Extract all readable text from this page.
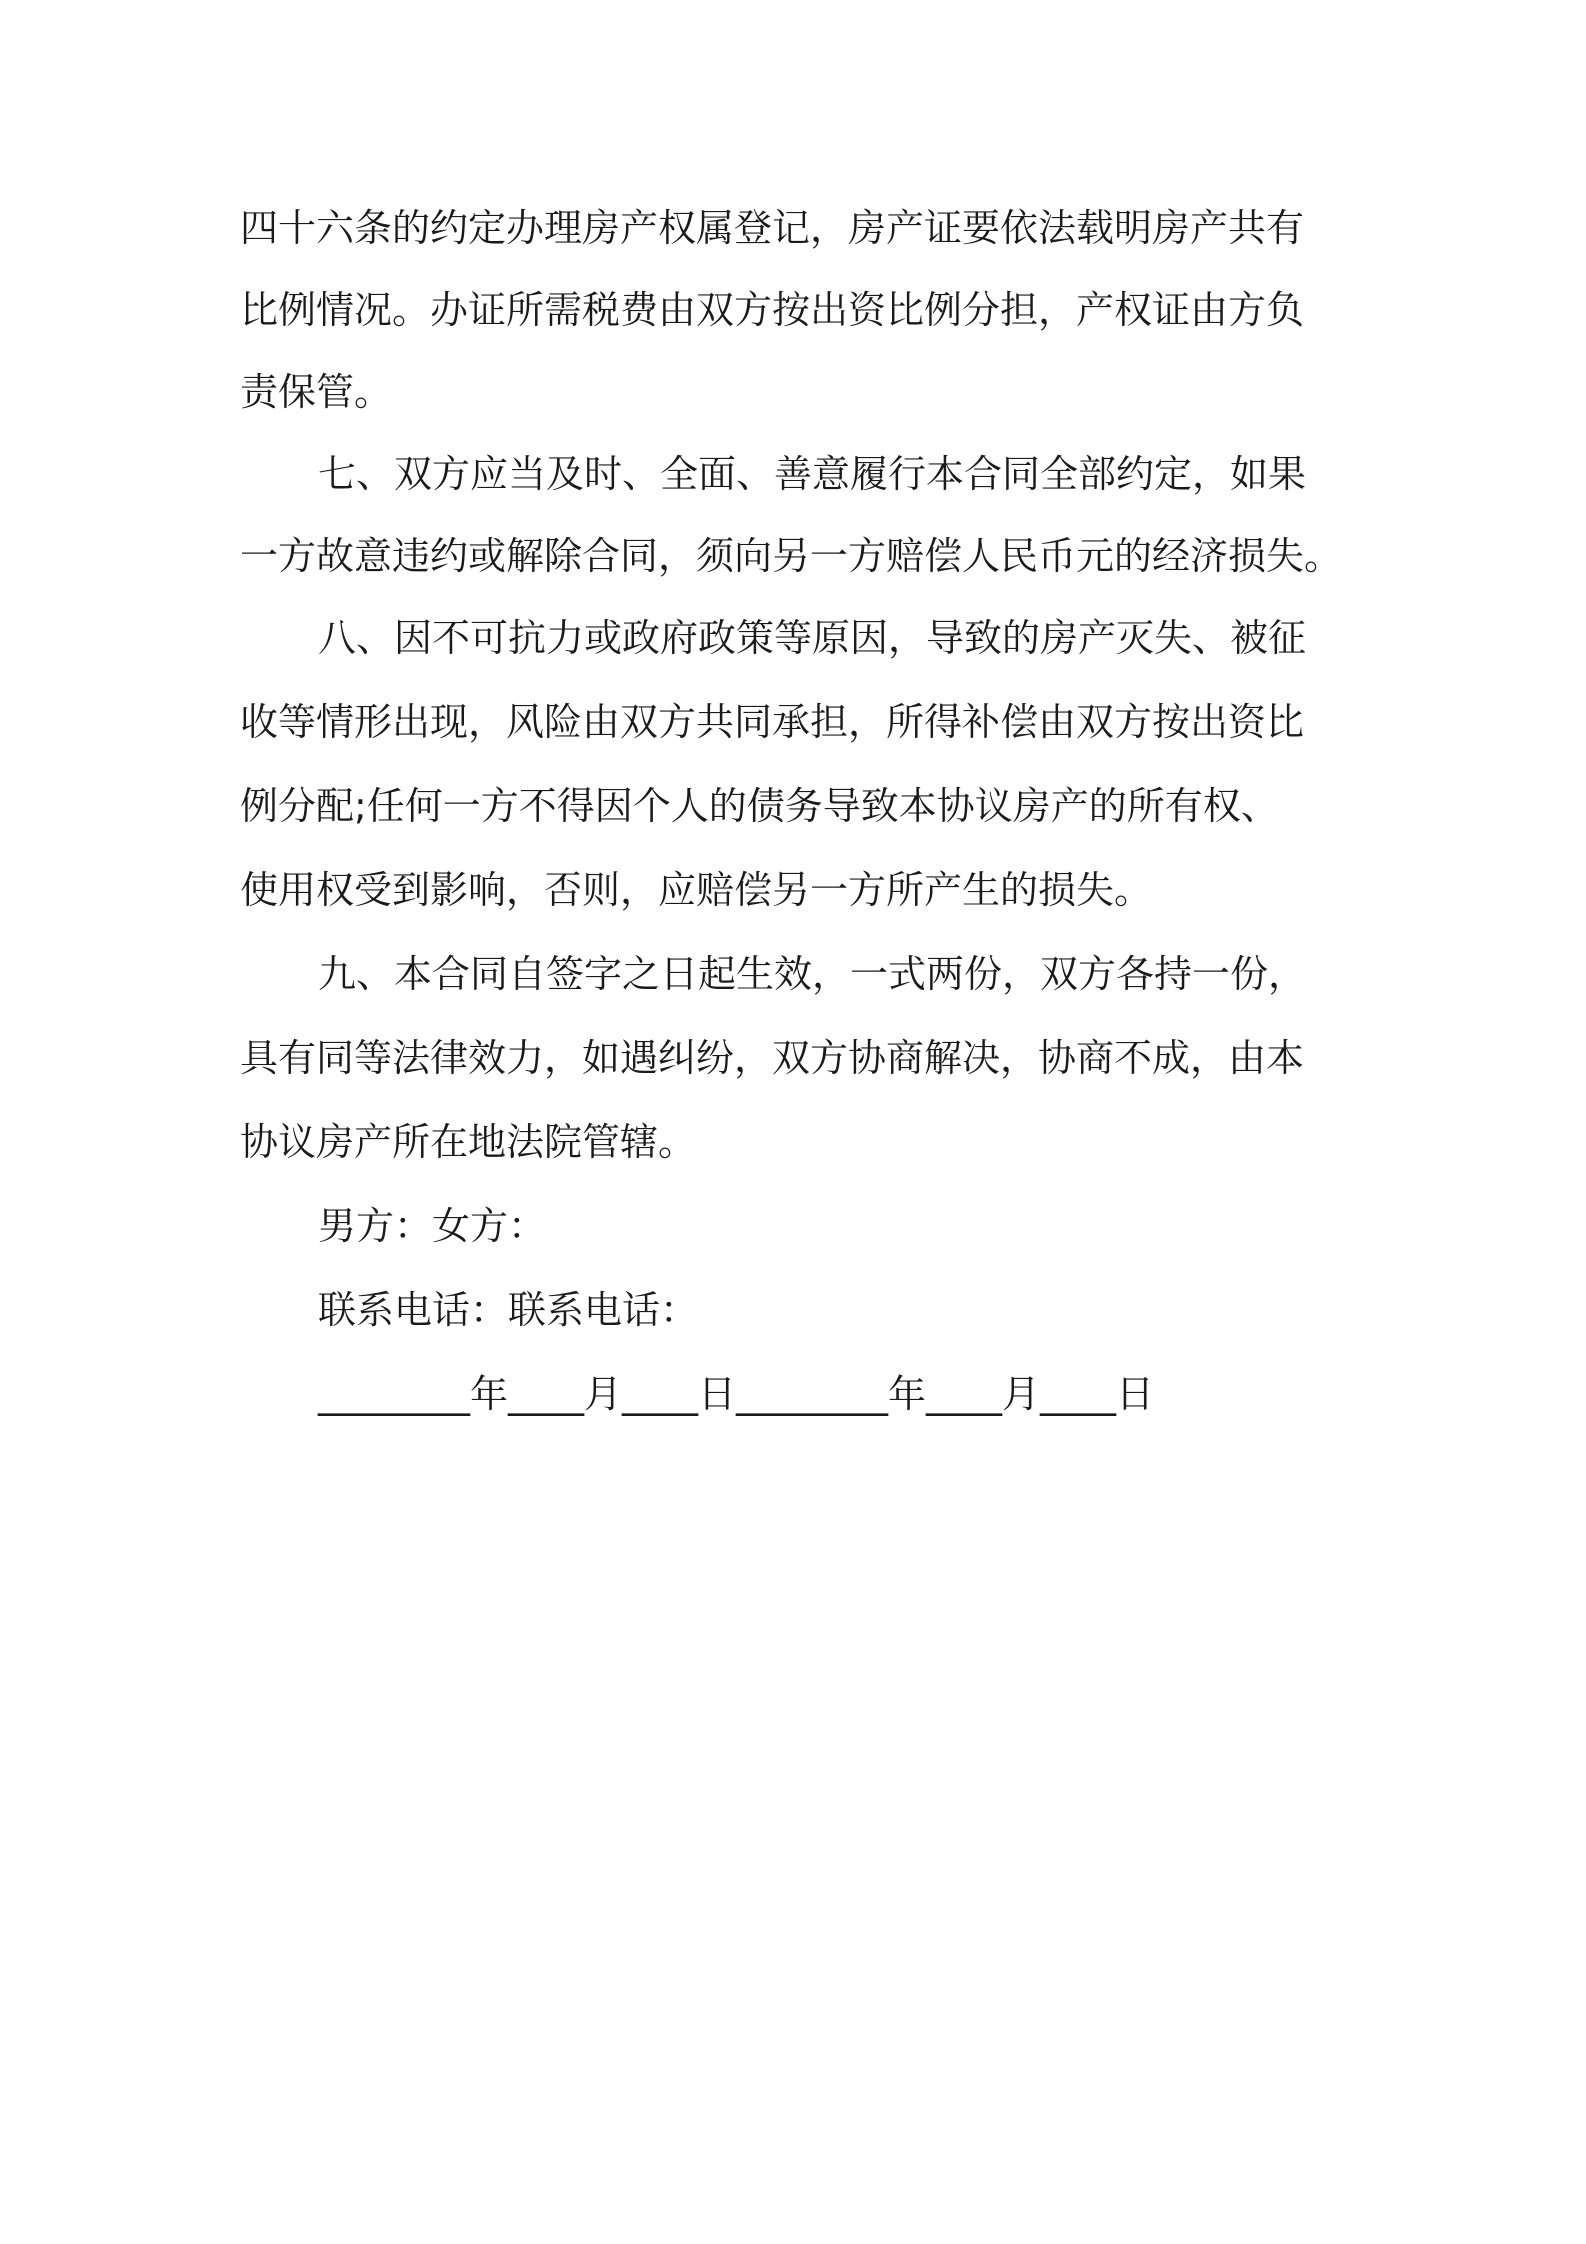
四十六条的约定办理房产权属登记，房产证要依法载明房产共有
比例情况。办证所需税费由双方按出资比例分担，产权证由方负
责保管。
七、双方应当及时、全面、善意履行本合同全部约定，如果
一方故意违约或解除合同，须向另一方赔偿人民币元的经济损失。
八、因不可抗力或政府政策等原因，导致的房产灭失、被征
收等情形出现，风险由双方共同承担，所得补偿由双方按出资比
例分配;任何一方不得因个人的债务导致本协议房产的所有权、
使用权受到影响，否则，应赔偿另一方所产生的损失。
九、本合同自签字之日起生效，一式两份，双方各持一份，
具有同等法律效力，如遇纠纷，双方协商解决，协商不成，由本
协议房产所在地法院管辖。
男方：女方：
联系电话：联系电话：
________年____月____日________年____月____日
